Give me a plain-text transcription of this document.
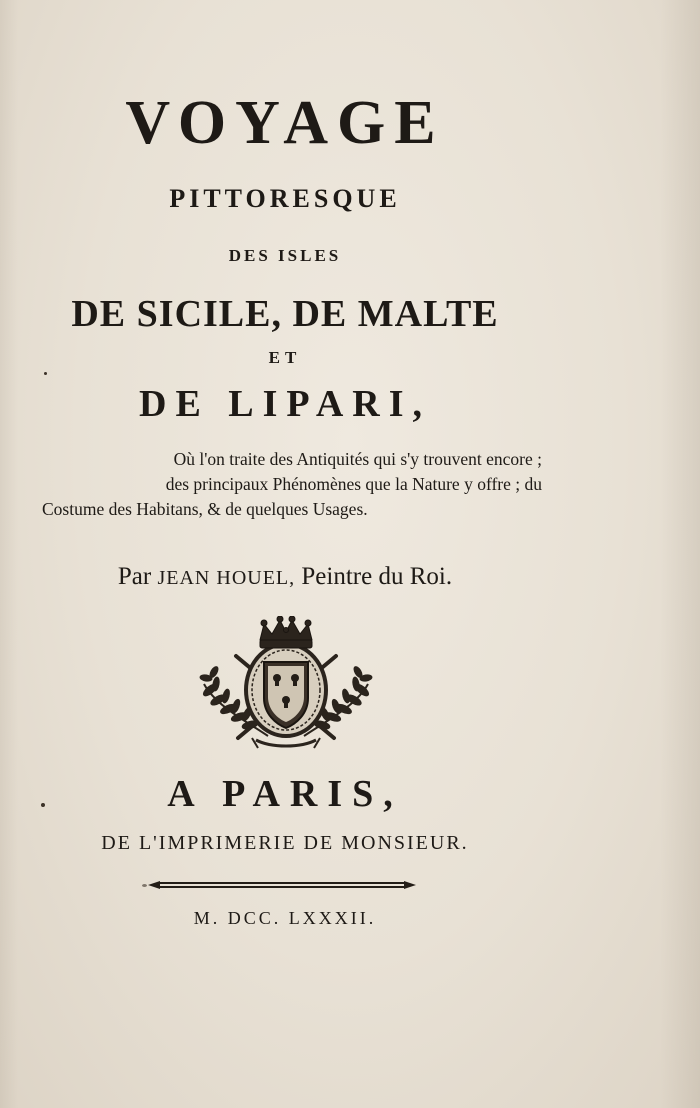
VOYAGE
PITTORESQUE
DES ISLES
DE SICILE, DE MALTE
ET
DE LIPARI,
Où l'on traite des Antiquités qui s'y trouvent encore ;
des principaux Phénomènes que la Nature y offre ; du
Costume des Habitans, & de quelques Usages.
Par JEAN HOUEL, Peintre du Roi.
A PARIS,
DE L'IMPRIMERIE DE MONSIEUR.
M. DCC. LXXXII.
